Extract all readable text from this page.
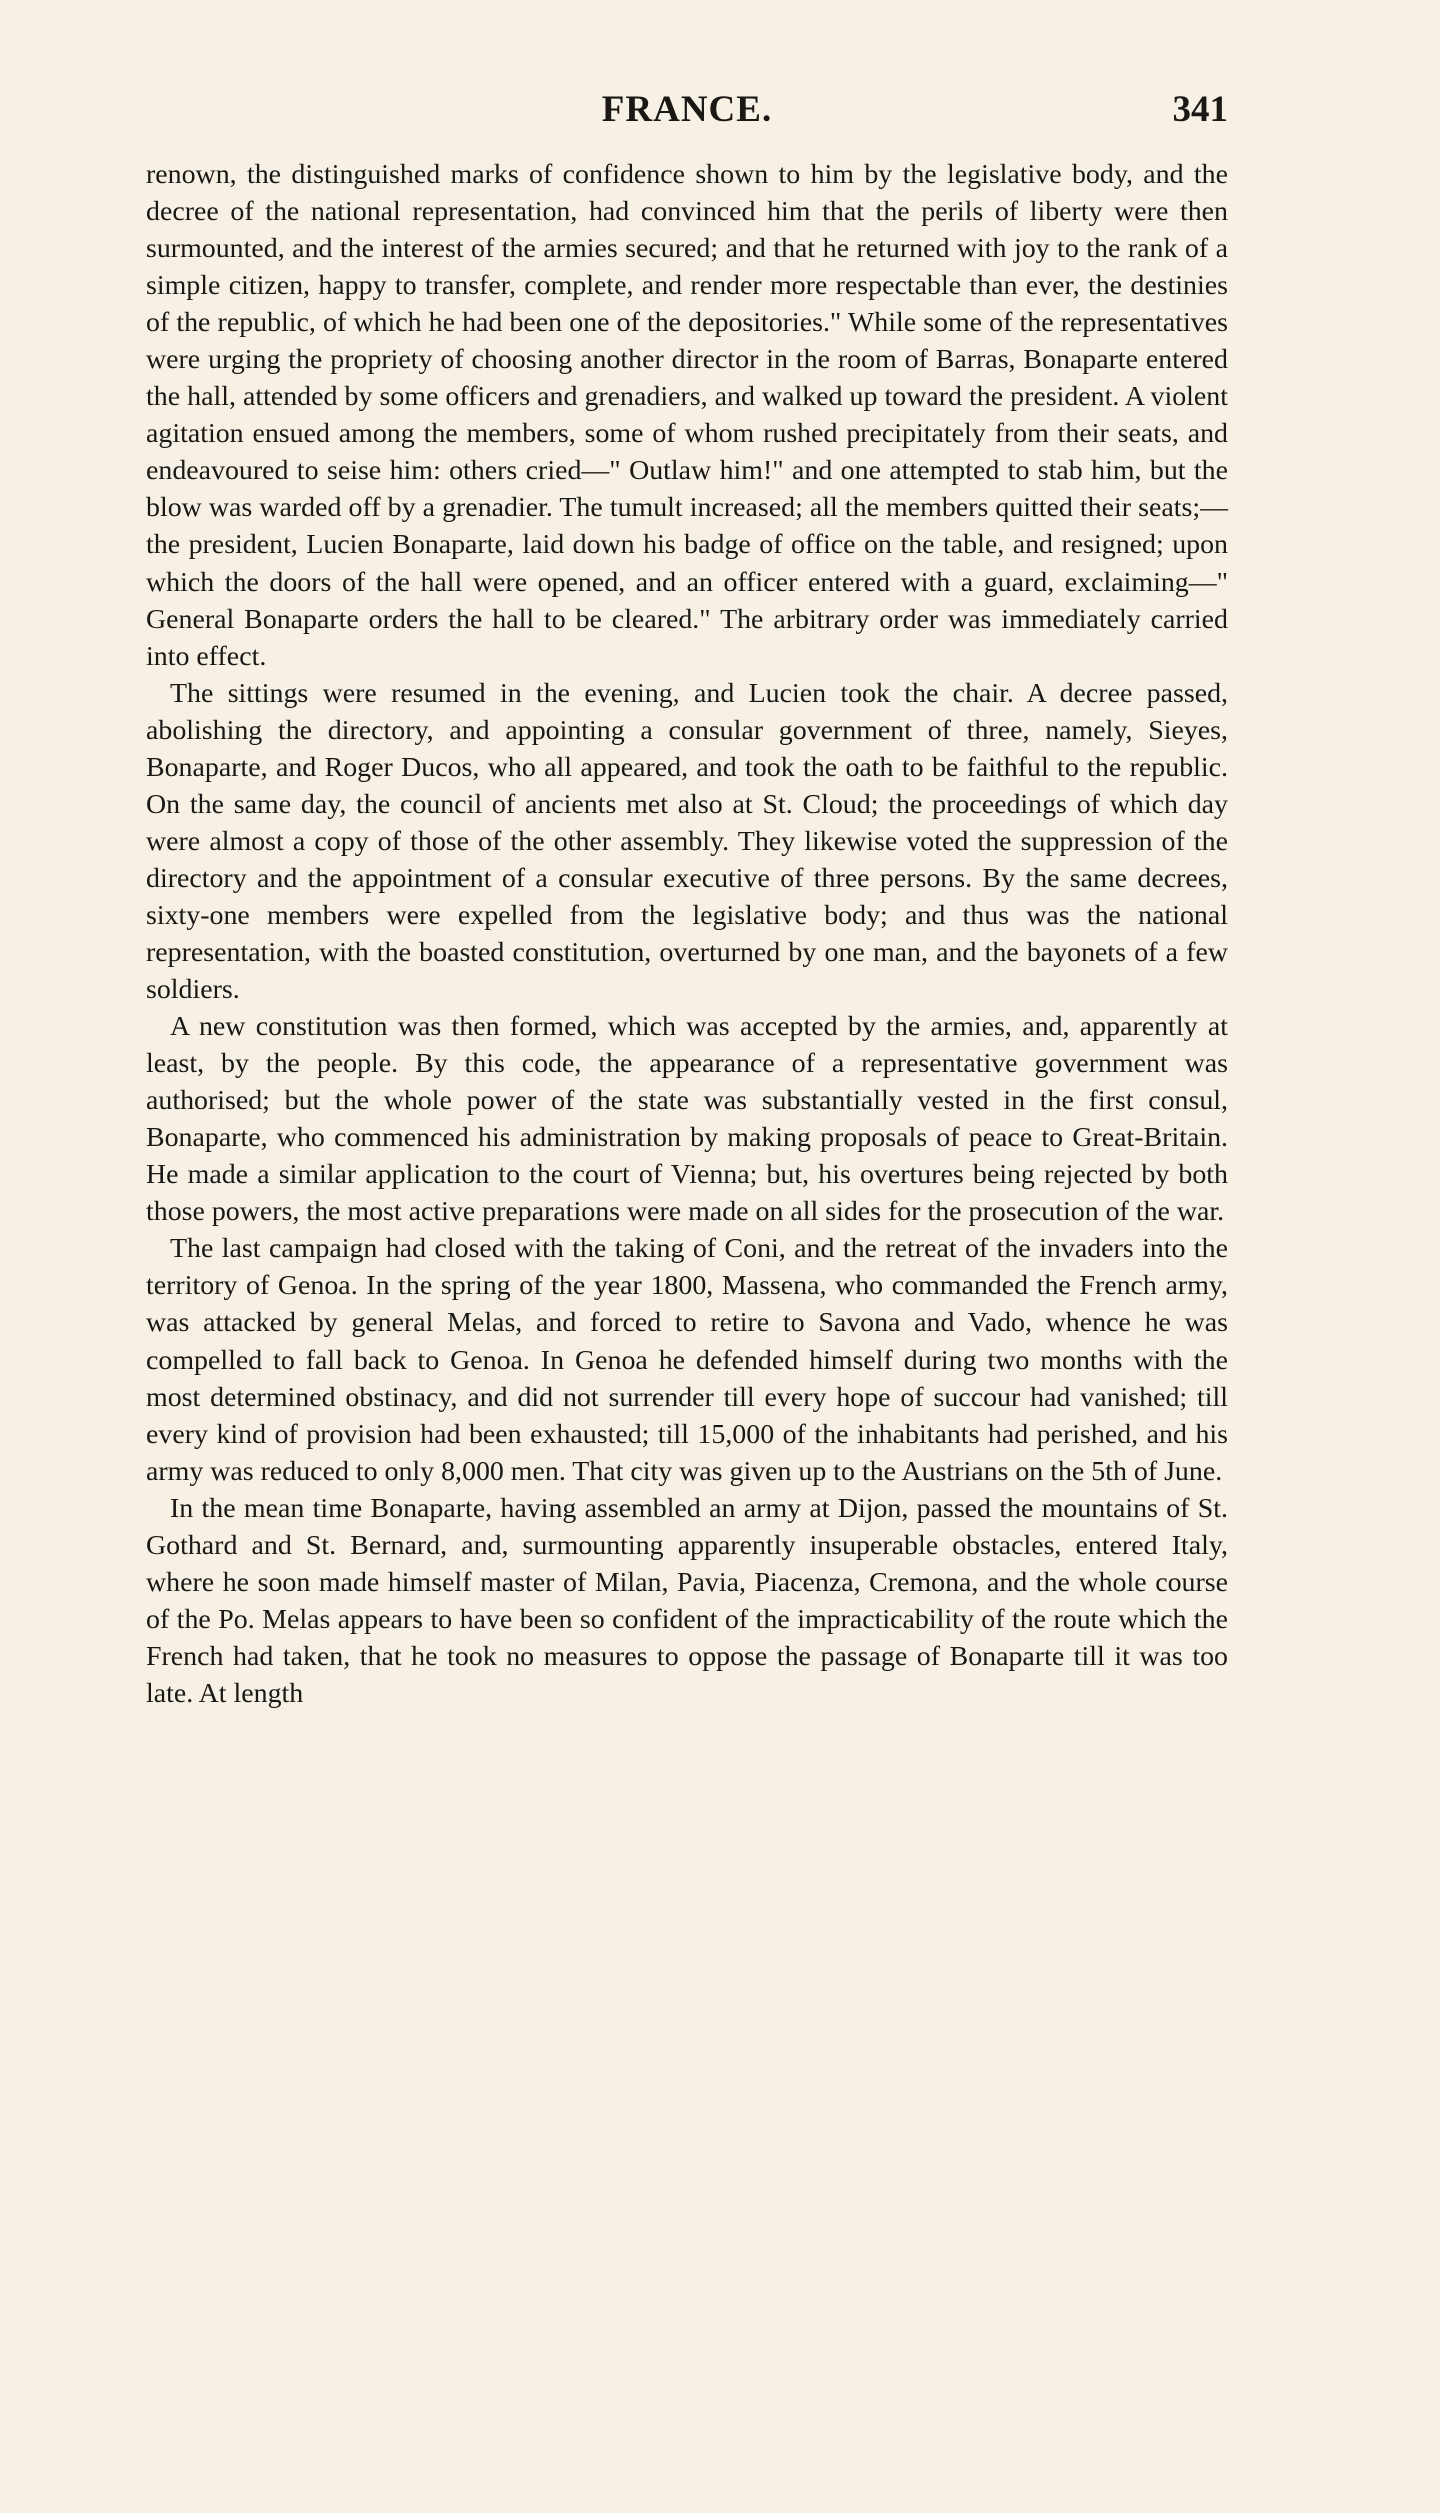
FRANCE.	341

renown, the distinguished marks of confidence shown to him by the legislative body, and the decree of the national representation, had convinced him that the perils of liberty were then surmounted, and the interest of the armies secured; and that he returned with joy to the rank of a simple citizen, happy to transfer, complete, and render more respectable than ever, the destinies of the republic, of which he had been one of the depositories." While some of the representatives were urging the propriety of choosing another director in the room of Barras, Bonaparte entered the hall, attended by some officers and grenadiers, and walked up toward the president. A violent agitation ensued among the members, some of whom rushed precipitately from their seats, and endeavoured to seise him: others cried—" Outlaw him!" and one attempted to stab him, but the blow was warded off by a grenadier. The tumult increased; all the members quitted their seats;—the president, Lucien Bonaparte, laid down his badge of office on the table, and resigned; upon which the doors of the hall were opened, and an officer entered with a guard, exclaiming—" General Bonaparte orders the hall to be cleared." The arbitrary order was immediately carried into effect.

The sittings were resumed in the evening, and Lucien took the chair. A decree passed, abolishing the directory, and appointing a consular government of three, namely, Sieyes, Bonaparte, and Roger Ducos, who all appeared, and took the oath to be faithful to the republic. On the same day, the council of ancients met also at St. Cloud; the proceedings of which day were almost a copy of those of the other assembly. They likewise voted the suppression of the directory and the appointment of a consular executive of three persons. By the same decrees, sixty-one members were expelled from the legislative body; and thus was the national representation, with the boasted constitution, overturned by one man, and the bayonets of a few soldiers.

A new constitution was then formed, which was accepted by the armies, and, apparently at least, by the people. By this code, the appearance of a representative government was authorised; but the whole power of the state was substantially vested in the first consul, Bonaparte, who commenced his administration by making proposals of peace to Great-Britain. He made a similar application to the court of Vienna; but, his overtures being rejected by both those powers, the most active preparations were made on all sides for the prosecution of the war.

The last campaign had closed with the taking of Coni, and the retreat of the invaders into the territory of Genoa. In the spring of the year 1800, Massena, who commanded the French army, was attacked by general Melas, and forced to retire to Savona and Vado, whence he was compelled to fall back to Genoa. In Genoa he defended himself during two months with the most determined obstinacy, and did not surrender till every hope of succour had vanished; till every kind of provision had been exhausted; till 15,000 of the inhabitants had perished, and his army was reduced to only 8,000 men. That city was given up to the Austrians on the 5th of June.

In the mean time Bonaparte, having assembled an army at Dijon, passed the mountains of St. Gothard and St. Bernard, and, surmounting apparently insuperable obstacles, entered Italy, where he soon made himself master of Milan, Pavia, Piacenza, Cremona, and the whole course of the Po. Melas appears to have been so confident of the impracticability of the route which the French had taken, that he took no measures to oppose the passage of Bonaparte till it was too late. At length
